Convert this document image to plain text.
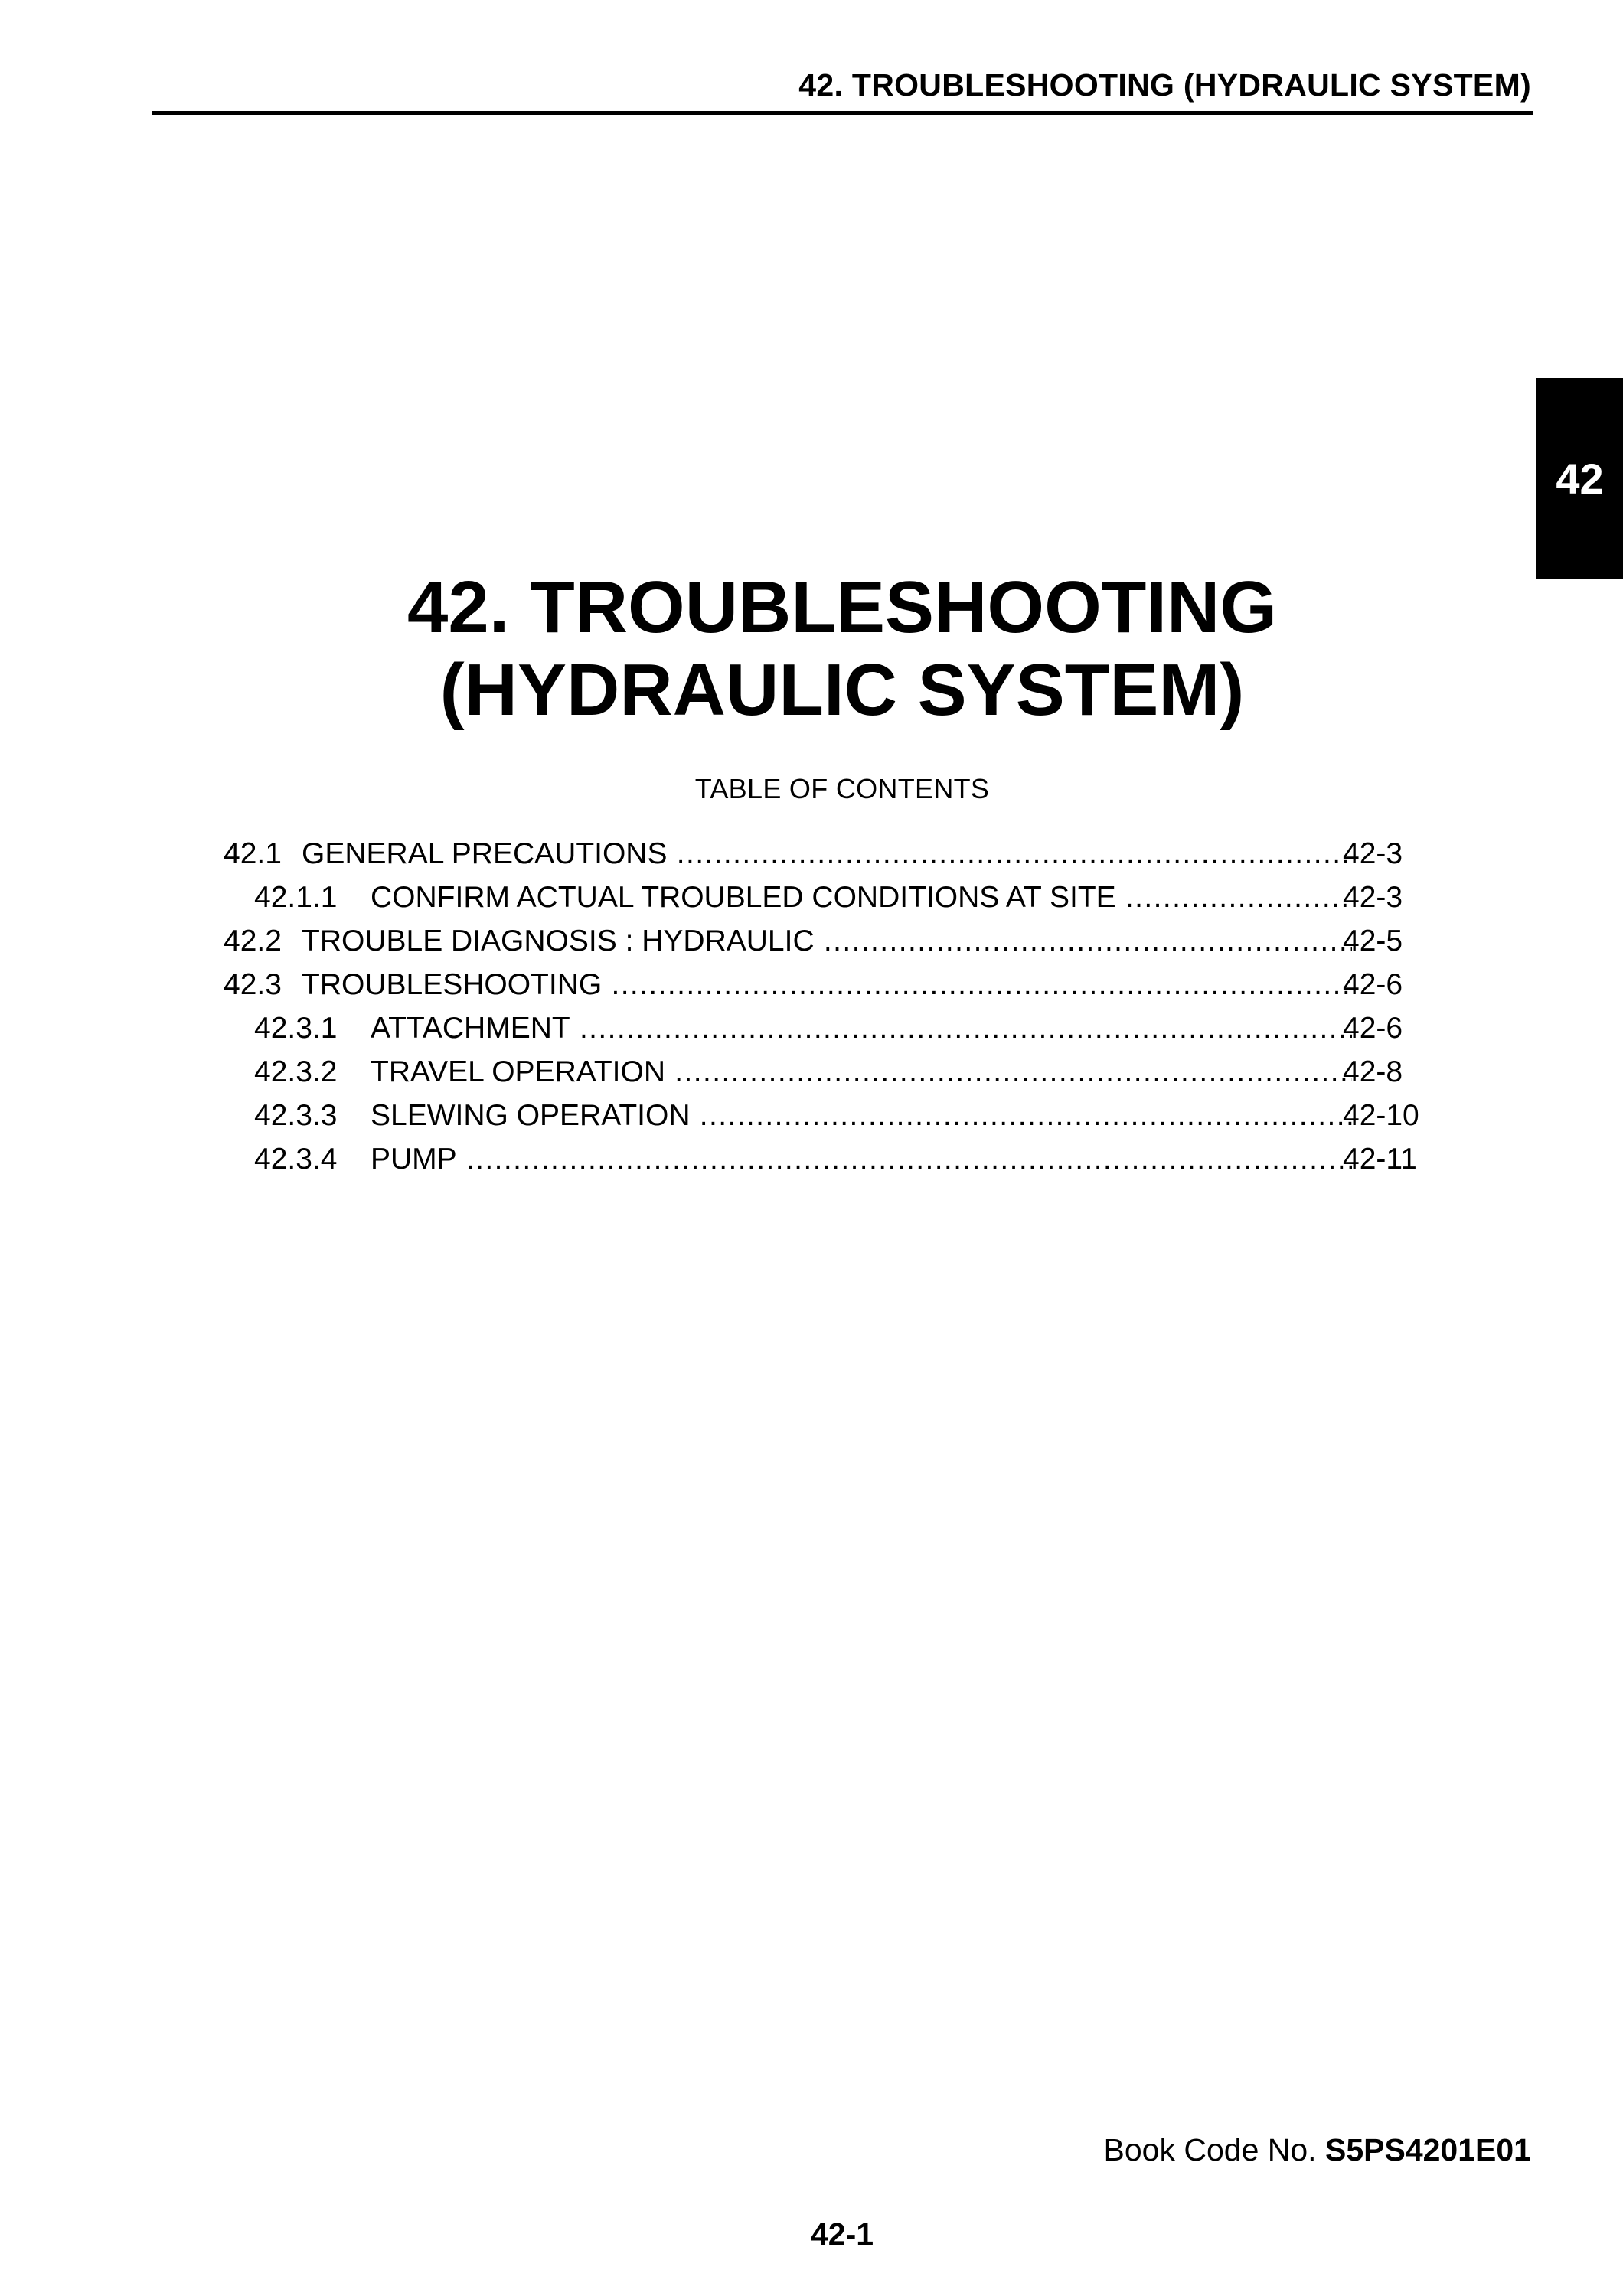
42. TROUBLESHOOTING (HYDRAULIC SYSTEM)
42
42. TROUBLESHOOTING
(HYDRAULIC SYSTEM)
TABLE OF CONTENTS
42.1 GENERAL PRECAUTIONS .....	42-3
42.1.1 CONFIRM ACTUAL TROUBLED CONDITIONS AT SITE .....	42-3
42.2 TROUBLE DIAGNOSIS : HYDRAULIC .....	42-5
42.3 TROUBLESHOOTING .....	42-6
42.3.1 ATTACHMENT .....	42-6
42.3.2 TRAVEL OPERATION .....	42-8
42.3.3 SLEWING OPERATION .....	42-10
42.3.4 PUMP .....	42-11
Book Code No. S5PS4201E01
42-1
